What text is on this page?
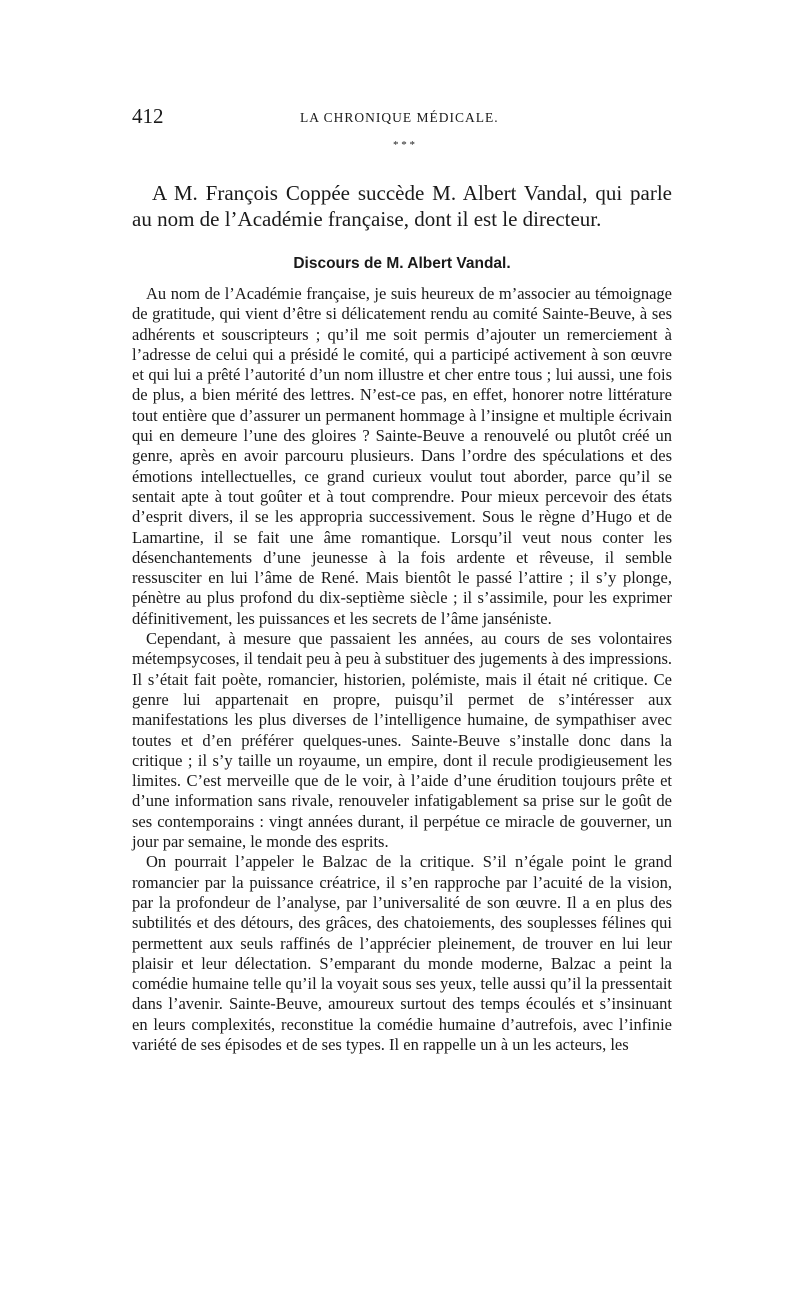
412	LA CHRONIQUE MÉDICALE.
* * *
A M. François Coppée succède M. Albert Vandal, qui parle au nom de l’Académie française, dont il est le directeur.
Discours de M. Albert Vandal.

Au nom de l’Académie française, je suis heureux de m’associer au témoignage de gratitude, qui vient d’être si délicatement rendu au comité Sainte-Beuve, à ses adhérents et souscripteurs ; qu’il me soit permis d’ajouter un remerciement à l’adresse de celui qui a présidé le comité, qui a participé activement à son œuvre et qui lui a prêté l’autorité d’un nom illustre et cher entre tous ; lui aussi, une fois de plus, a bien mérité des lettres. N’est-ce pas, en effet, honorer notre littérature tout entière que d’assurer un permanent hommage à l’insigne et multiple écrivain qui en demeure l’une des gloires ? Sainte-Beuve a renouvelé ou plutôt créé un genre, après en avoir parcouru plusieurs. Dans l’ordre des spéculations et des émotions intellectuelles, ce grand curieux voulut tout aborder, parce qu’il se sentait apte à tout goûter et à tout comprendre. Pour mieux percevoir des états d’esprit divers, il se les appropria successivement. Sous le règne d’Hugo et de Lamartine, il se fait une âme romantique. Lorsqu’il veut nous conter les désenchantements d’une jeunesse à la fois ardente et rêveuse, il semble ressusciter en lui l’âme de René. Mais bientôt le passé l’attire ; il s’y plonge, pénètre au plus profond du dix-septième siècle ; il s’assimile, pour les exprimer définitivement, les puissances et les secrets de l’âme janséniste.

Cependant, à mesure que passaient les années, au cours de ses volontaires métempsycoses, il tendait peu à peu à substituer des jugements à des impressions. Il s’était fait poète, romancier, historien, polémiste, mais il était né critique. Ce genre lui appartenait en propre, puisqu’il permet de s’intéresser aux manifestations les plus diverses de l’intelligence humaine, de sympathiser avec toutes et d’en préférer quelques-unes. Sainte-Beuve s’installe donc dans la critique ; il s’y taille un royaume, un empire, dont il recule prodigieusement les limites. C’est merveille que de le voir, à l’aide d’une érudition toujours prête et d’une information sans rivale, renouveler infatigablement sa prise sur le goût de ses contemporains : vingt années durant, il perpétue ce miracle de gouverner, un jour par semaine, le monde des esprits.

On pourrait l’appeler le Balzac de la critique. S’il n’égale point le grand romancier par la puissance créatrice, il s’en rapproche par l’acuité de la vision, par la profondeur de l’analyse, par l’universalité de son œuvre. Il a en plus des subtilités et des détours, des grâces, des chatoiements, des souplesses félines qui permettent aux seuls raffinés de l’apprécier pleinement, de trouver en lui leur plaisir et leur délectation. S’emparant du monde moderne, Balzac a peint la comédie humaine telle qu’il la voyait sous ses yeux, telle aussi qu’il la pressentait dans l’avenir. Sainte-Beuve, amoureux surtout des temps écoulés et s’insinuant en leurs complexités, reconstitue la comédie humaine d’autrefois, avec l’infinie variété de ses épisodes et de ses types. Il en rappelle un à un les acteurs, les
